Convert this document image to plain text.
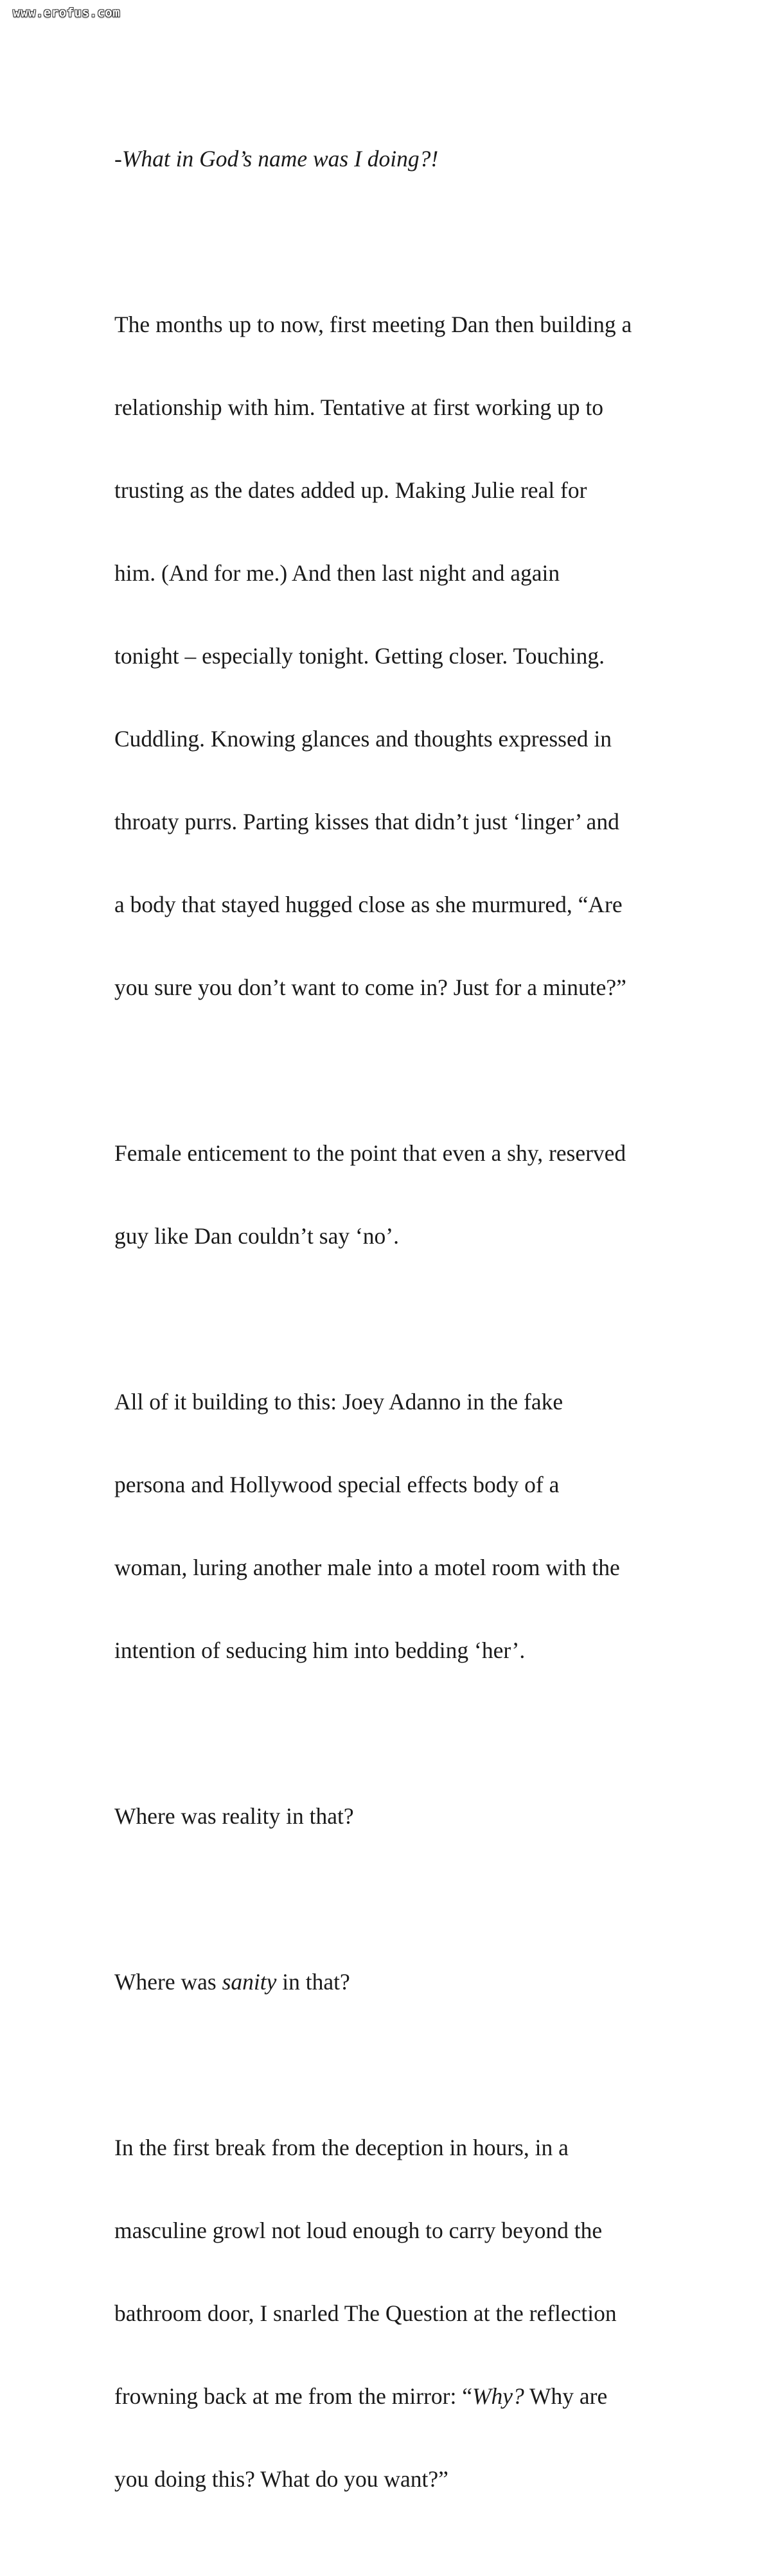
www.erofus.com

-What in God’s name was I doing?!

The months up to now, first meeting Dan then building a

relationship with him. Tentative at first working up to

trusting as the dates added up. Making Julie real for

him. (And for me.) And then last night and again

tonight – especially tonight. Getting closer. Touching.

Cuddling. Knowing glances and thoughts expressed in

throaty purrs. Parting kisses that didn’t just ‘linger’ and

a body that stayed hugged close as she murmured, “Are

you sure you don’t want to come in? Just for a minute?”

Female enticement to the point that even a shy, reserved

guy like Dan couldn’t say ‘no’.

All of it building to this: Joey Adanno in the fake

persona and Hollywood special effects body of a

woman, luring another male into a motel room with the

intention of seducing him into bedding ‘her’.

Where was reality in that?

Where was sanity in that?

In the first break from the deception in hours, in a

masculine growl not loud enough to carry beyond the

bathroom door, I snarled The Question at the reflection

frowning back at me from the mirror: “Why? Why are

you doing this? What do you want?”
